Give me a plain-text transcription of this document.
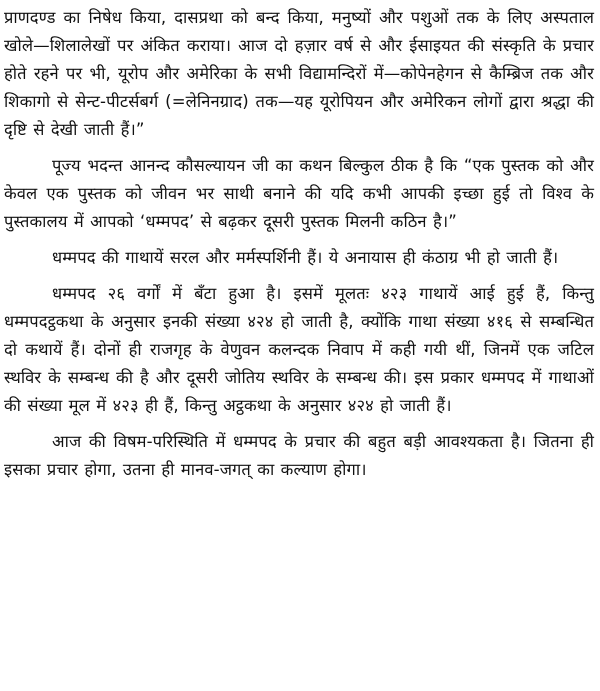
प्राणदण्ड का निषेध किया, दासप्रथा को बन्द किया, मनुष्यों और पशुओं तक के लिए अस्पताल खोले—शिलालेखों पर अंकित कराया। आज दो हज़ार वर्ष से और ईसाइयत की संस्कृति के प्रचार होते रहने पर भी, यूरोप और अमेरिका के सभी विद्यामन्दिरों में—कोपेनहेगन से कैम्ब्रिज तक और शिकागो से सेन्ट-पीटर्सबर्ग (=लेनिनग्राद) तक—यह यूरोपियन और अमेरिकन लोगों द्वारा श्रद्धा की दृष्टि से देखी जाती हैं।”

पूज्य भदन्त आनन्द कौसल्यायन जी का कथन बिल्कुल ठीक है कि “एक पुस्तक को और केवल एक पुस्तक को जीवन भर साथी बनाने की यदि कभी आपकी इच्छा हुई तो विश्व के पुस्तकालय में आपको ‘धम्मपद’ से बढ़कर दूसरी पुस्तक मिलनी कठिन है।”

धम्मपद की गाथायें सरल और मर्मस्पर्शिनी हैं। ये अनायास ही कंठाग्र भी हो जाती हैं।

धम्मपद २६ वर्गों में बँटा हुआ है। इसमें मूलतः ४२३ गाथायें आई हुई हैं, किन्तु धम्मपदट्ठकथा के अनुसार इनकी संख्या ४२४ हो जाती है, क्योंकि गाथा संख्या ४१६ से सम्बन्धित दो कथायें हैं। दोनों ही राजगृह के वेणुवन कलन्दक निवाप में कही गयी थीं, जिनमें एक जटिल स्थविर के सम्बन्ध की है और दूसरी जोतिय स्थविर के सम्बन्ध की। इस प्रकार धम्मपद में गाथाओं की संख्या मूल में ४२३ ही हैं, किन्तु अट्ठकथा के अनुसार ४२४ हो जाती हैं।

आज की विषम-परिस्थिति में धम्मपद के प्रचार की बहुत बड़ी आवश्यकता है। जितना ही इसका प्रचार होगा, उतना ही मानव-जगत् का कल्याण होगा।
